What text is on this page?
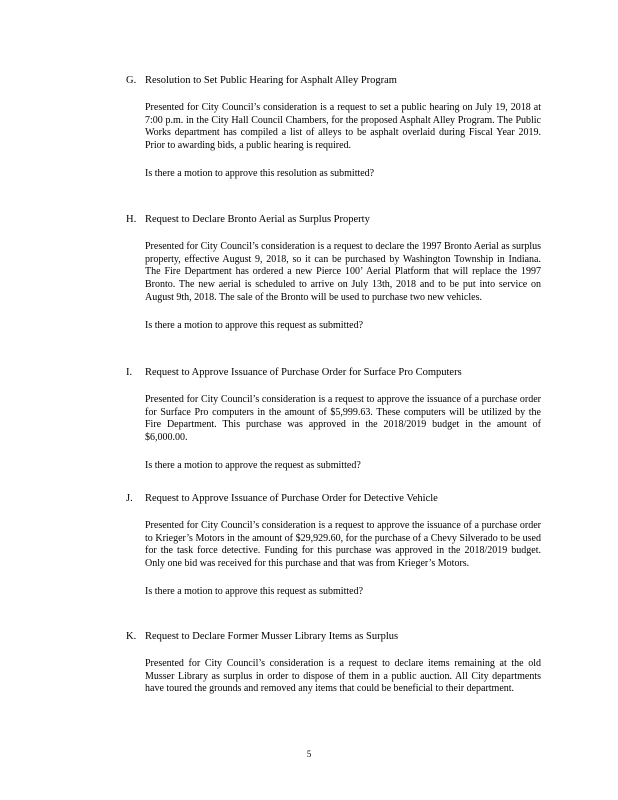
G. Resolution to Set Public Hearing for Asphalt Alley Program
Presented for City Council’s consideration is a request to set a public hearing on July 19, 2018 at 7:00 p.m. in the City Hall Council Chambers, for the proposed Asphalt Alley Program. The Public Works department has compiled a list of alleys to be asphalt overlaid during Fiscal Year 2019. Prior to awarding bids, a public hearing is required.
Is there a motion to approve this resolution as submitted?
H. Request to Declare Bronto Aerial as Surplus Property
Presented for City Council’s consideration is a request to declare the 1997 Bronto Aerial as surplus property, effective August 9, 2018, so it can be purchased by Washington Township in Indiana. The Fire Department has ordered a new Pierce 100’ Aerial Platform that will replace the 1997 Bronto. The new aerial is scheduled to arrive on July 13th, 2018 and to be put into service on August 9th, 2018. The sale of the Bronto will be used to purchase two new vehicles.
Is there a motion to approve this request as submitted?
I. Request to Approve Issuance of Purchase Order for Surface Pro Computers
Presented for City Council’s consideration is a request to approve the issuance of a purchase order for Surface Pro computers in the amount of $5,999.63. These computers will be utilized by the Fire Department. This purchase was approved in the 2018/2019 budget in the amount of $6,000.00.
Is there a motion to approve the request as submitted?
J. Request to Approve Issuance of Purchase Order for Detective Vehicle
Presented for City Council’s consideration is a request to approve the issuance of a purchase order to Krieger’s Motors in the amount of $29,929.60, for the purchase of a Chevy Silverado to be used for the task force detective. Funding for this purchase was approved in the 2018/2019 budget. Only one bid was received for this purchase and that was from Krieger’s Motors.
Is there a motion to approve this request as submitted?
K. Request to Declare Former Musser Library Items as Surplus
Presented for City Council’s consideration is a request to declare items remaining at the old Musser Library as surplus in order to dispose of them in a public auction. All City departments have toured the grounds and removed any items that could be beneficial to their department.
5
